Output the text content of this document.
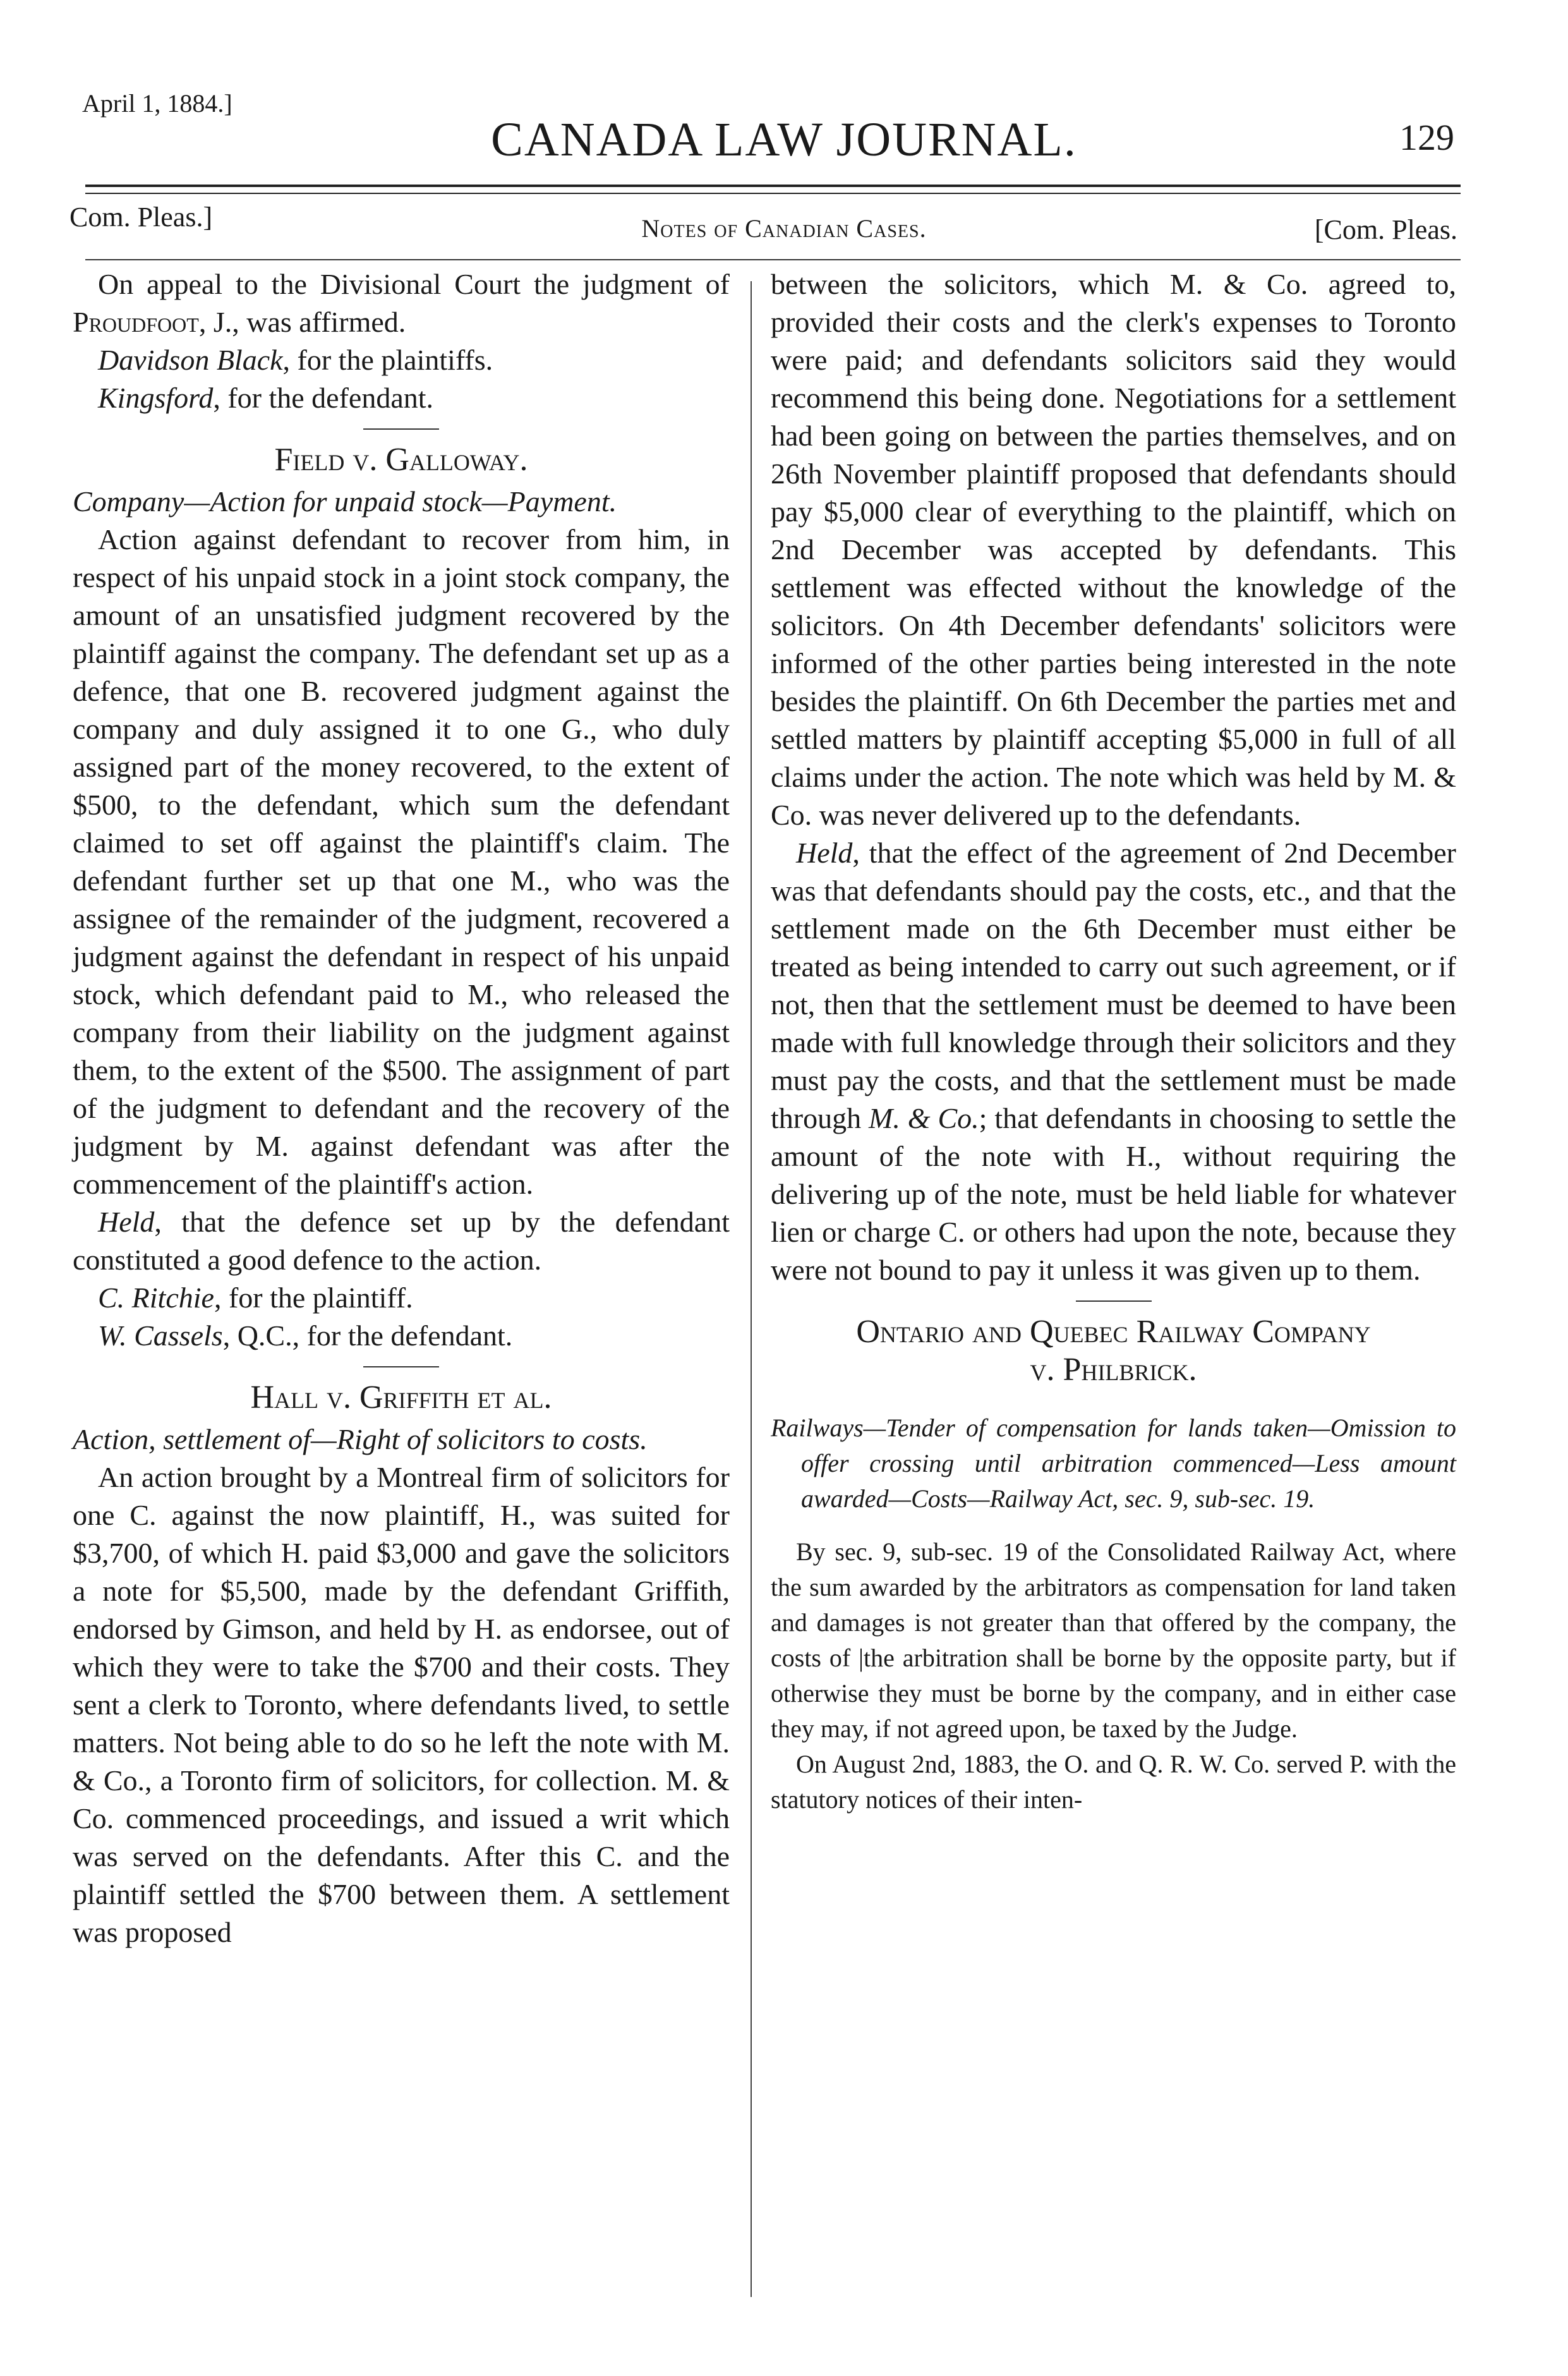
April 1, 1884.]
CANADA LAW JOURNAL.	129
Com. Pleas.]	Notes of Canadian Cases.	[Com. Pleas.

On appeal to the Divisional Court the judgment of Proudfoot, J., was affirmed.

Davidson Black, for the plaintiffs.

Kingsford, for the defendant.

Field v. Galloway.

Company—Action for unpaid stock—Payment.

Action against defendant to recover from him, in respect of his unpaid stock in a joint stock company, the amount of an unsatisfied judgment recovered by the plaintiff against the company. The defendant set up as a defence, that one B. recovered judgment against the company and duly assigned it to one G., who duly assigned part of the money recovered, to the extent of $500, to the defendant, which sum the defendant claimed to set off against the plaintiff's claim. The defendant further set up that one M., who was the assignee of the remainder of the judgment, recovered a judgment against the defendant in respect of his unpaid stock, which defendant paid to M., who released the company from their liability on the judgment against them, to the extent of the $500. The assignment of part of the judgment to defendant and the recovery of the judgment by M. against defendant was after the commencement of the plaintiff's action.

Held, that the defence set up by the defendant constituted a good defence to the action.

C. Ritchie, for the plaintiff.

W. Cassels, Q.C., for the defendant.

Hall v. Griffith et al.

Action, settlement of—Right of solicitors to costs.

An action brought by a Montreal firm of solicitors for one C. against the now plaintiff, H., was suited for $3,700, of which H. paid $3,000 and gave the solicitors a note for $5,500, made by the defendant Griffith, endorsed by Gimson, and held by H. as endorsee, out of which they were to take the $700 and their costs. They sent a clerk to Toronto, where defendants lived, to settle matters. Not being able to do so he left the note with M. & Co., a Toronto firm of solicitors, for collection. M. & Co. commenced proceedings, and issued a writ which was served on the defendants. After this C. and the plaintiff settled the $700 between them. A settlement was proposed

between the solicitors, which M. & Co. agreed to, provided their costs and the clerk's expenses to Toronto were paid; and defendants solicitors said they would recommend this being done. Negotiations for a settlement had been going on between the parties themselves, and on 26th November plaintiff proposed that defendants should pay $5,000 clear of everything to the plaintiff, which on 2nd December was accepted by defendants. This settlement was effected without the knowledge of the solicitors. On 4th December defendants' solicitors were informed of the other parties being interested in the note besides the plaintiff. On 6th December the parties met and settled matters by plaintiff accepting $5,000 in full of all claims under the action. The note which was held by M. & Co. was never delivered up to the defendants.

Held, that the effect of the agreement of 2nd December was that defendants should pay the costs, etc., and that the settlement made on the 6th December must either be treated as being intended to carry out such agreement, or if not, then that the settlement must be deemed to have been made with full knowledge through their solicitors and they must pay the costs, and that the settlement must be made through M. & Co.; that defendants in choosing to settle the amount of the note with H., without requiring the delivering up of the note, must be held liable for whatever lien or charge C. or others had upon the note, because they were not bound to pay it unless it was given up to them.

Ontario and Quebec Railway Company

v. Philbrick.

Railways—Tender of compensation for lands taken—Omission to offer crossing until arbitration commenced—Less amount awarded—Costs—Railway Act, sec. 9, sub-sec. 19.

By sec. 9, sub-sec. 19 of the Consolidated Railway Act, where the sum awarded by the arbitrators as compensation for land taken and damages is not greater than that offered by the company, the costs of |the arbitration shall be borne by the opposite party, but if otherwise they must be borne by the company, and in either case they may, if not agreed upon, be taxed by the Judge.

On August 2nd, 1883, the O. and Q. R. W. Co. served P. with the statutory notices of their inten-
